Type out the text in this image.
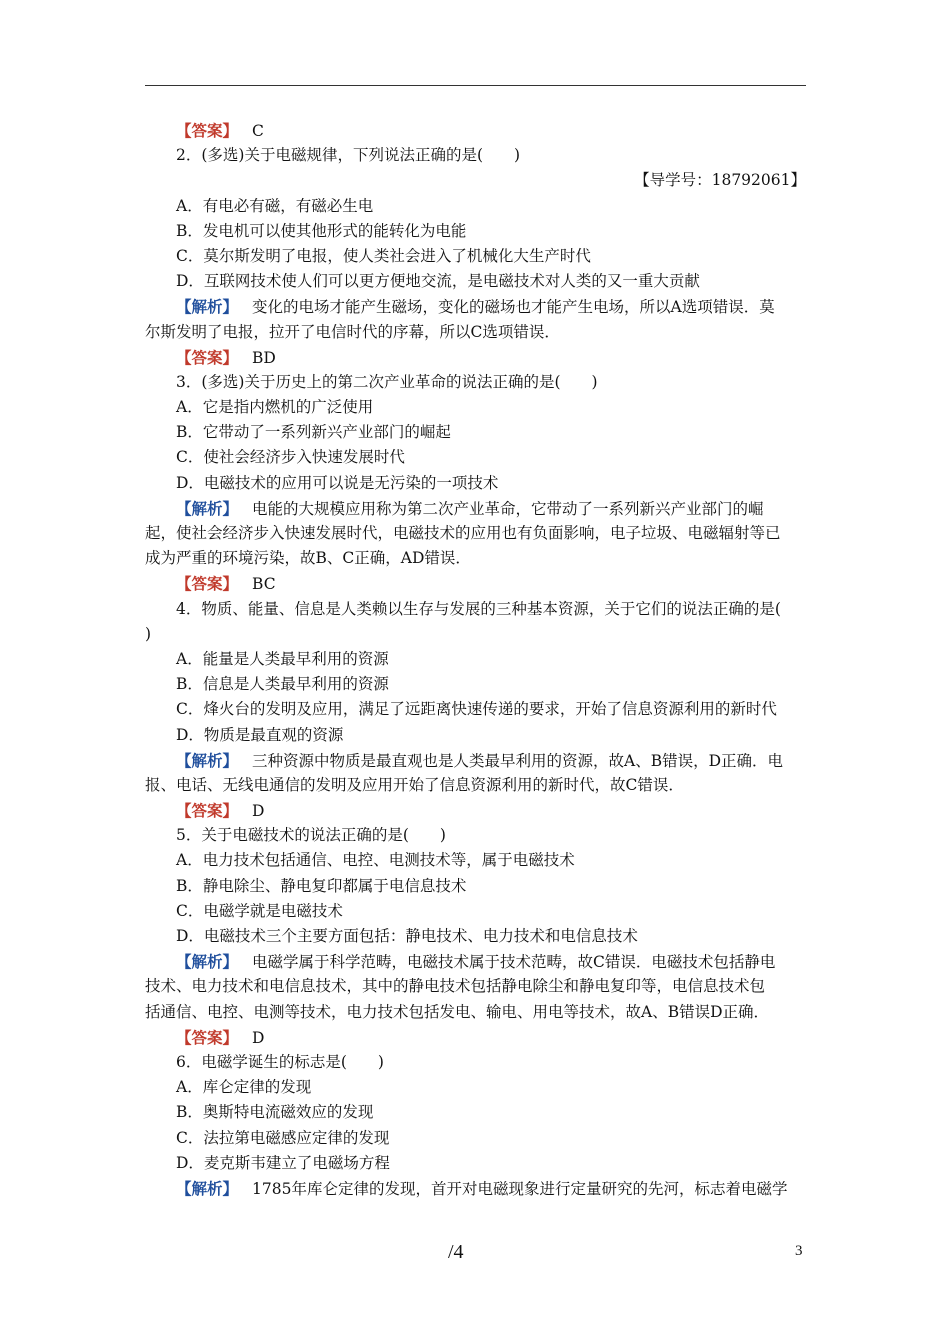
【答案】 C
2．(多选)关于电磁规律，下列说法正确的是(　　)
【导学号：18792061】
A．有电必有磁，有磁必生电
B．发电机可以使其他形式的能转化为电能
C．莫尔斯发明了电报，使人类社会进入了机械化大生产时代
D．互联网技术使人们可以更方便地交流，是电磁技术对人类的又一重大贡献
【解析】 变化的电场才能产生磁场，变化的磁场也才能产生电场，所以A选项错误．莫
尔斯发明了电报，拉开了电信时代的序幕，所以C选项错误．
【答案】 BD
3．(多选)关于历史上的第二次产业革命的说法正确的是(　　)
A．它是指内燃机的广泛使用
B．它带动了一系列新兴产业部门的崛起
C．使社会经济步入快速发展时代
D．电磁技术的应用可以说是无污染的一项技术
【解析】 电能的大规模应用称为第二次产业革命，它带动了一系列新兴产业部门的崛
起，使社会经济步入快速发展时代，电磁技术的应用也有负面影响，电子垃圾、电磁辐射等已
成为严重的环境污染，故B、C正确，AD错误．
【答案】 BC
4．物质、能量、信息是人类赖以生存与发展的三种基本资源，关于它们的说法正确的是(
)
A．能量是人类最早利用的资源
B．信息是人类最早利用的资源
C．烽火台的发明及应用，满足了远距离快速传递的要求，开始了信息资源利用的新时代
D．物质是最直观的资源
【解析】 三种资源中物质是最直观也是人类最早利用的资源，故A、B错误，D正确．电
报、电话、无线电通信的发明及应用开始了信息资源利用的新时代，故C错误．
【答案】 D
5．关于电磁技术的说法正确的是(　　)
A．电力技术包括通信、电控、电测技术等，属于电磁技术
B．静电除尘、静电复印都属于电信息技术
C．电磁学就是电磁技术
D．电磁技术三个主要方面包括：静电技术、电力技术和电信息技术
【解析】 电磁学属于科学范畴，电磁技术属于技术范畴，故C错误．电磁技术包括静电
技术、电力技术和电信息技术，其中的静电技术包括静电除尘和静电复印等，电信息技术包
括通信、电控、电测等技术，电力技术包括发电、输电、用电等技术，故A、B错误D正确．
【答案】 D
6．电磁学诞生的标志是(　　)
A．库仑定律的发现
B．奥斯特电流磁效应的发现
C．法拉第电磁感应定律的发现
D．麦克斯韦建立了电磁场方程
【解析】 1785年库仑定律的发现，首开对电磁现象进行定量研究的先河，标志着电磁学
/4	3
